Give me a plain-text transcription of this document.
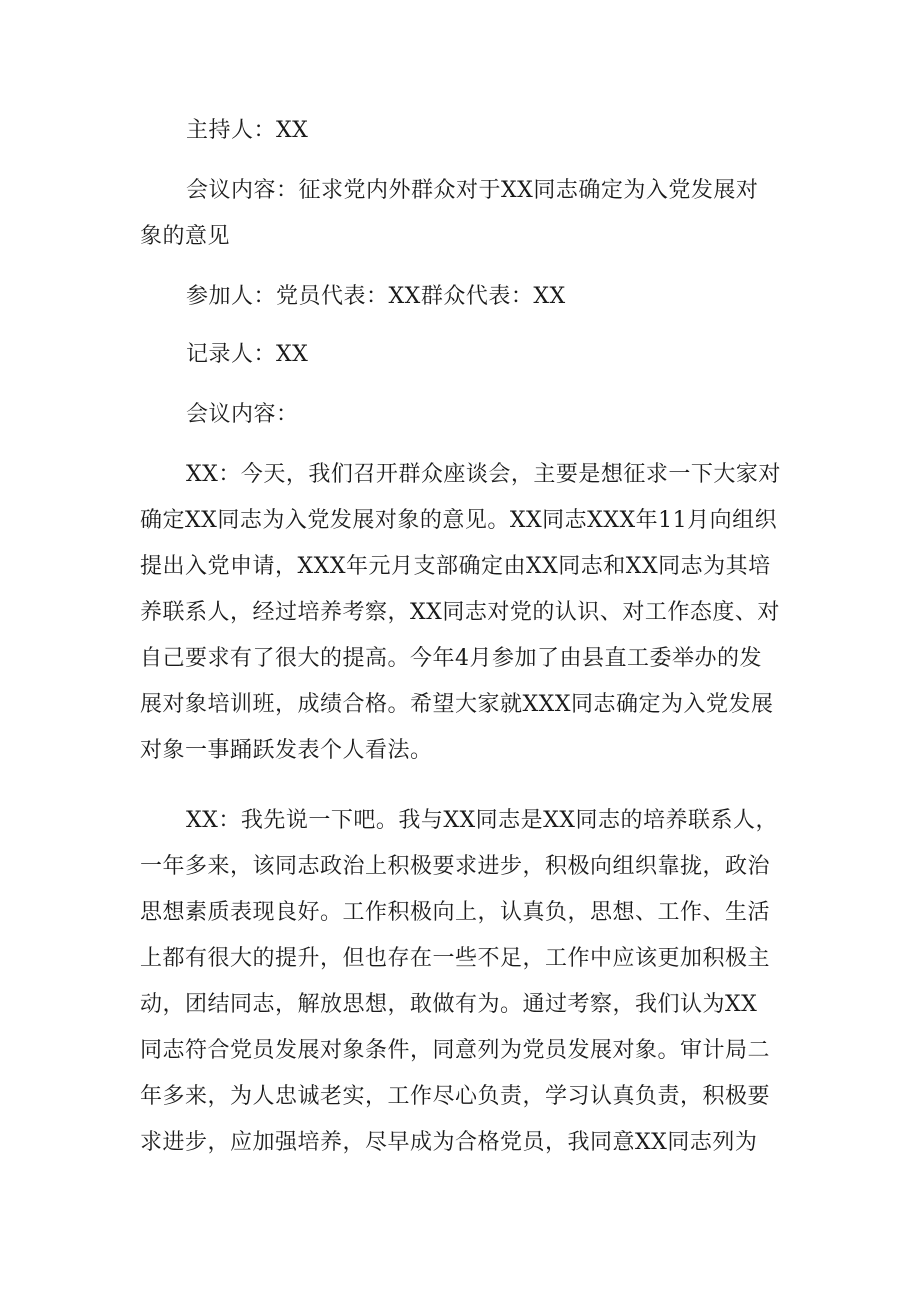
主持人：XX
会议内容：征求党内外群众对于XX同志确定为入党发展对
象的意见
参加人：党员代表：XX群众代表：XX
记录人：XX
会议内容：
XX：今天，我们召开群众座谈会，主要是想征求一下大家对
确定XX同志为入党发展对象的意见。XX同志XXX年11月向组织
提出入党申请，XXX年元月支部确定由XX同志和XX同志为其培
养联系人，经过培养考察，XX同志对党的认识、对工作态度、对
自己要求有了很大的提高。今年4月参加了由县直工委举办的发
展对象培训班，成绩合格。希望大家就XXX同志确定为入党发展
对象一事踊跃发表个人看法。
XX：我先说一下吧。我与XX同志是XX同志的培养联系人，
一年多来，该同志政治上积极要求进步，积极向组织靠拢，政治
思想素质表现良好。工作积极向上，认真负，思想、工作、生活
上都有很大的提升，但也存在一些不足，工作中应该更加积极主
动，团结同志，解放思想，敢做有为。通过考察，我们认为XX
同志符合党员发展对象条件，同意列为党员发展对象。审计局二
年多来，为人忠诚老实，工作尽心负责，学习认真负责，积极要
求进步，应加强培养，尽早成为合格党员，我同意XX同志列为
